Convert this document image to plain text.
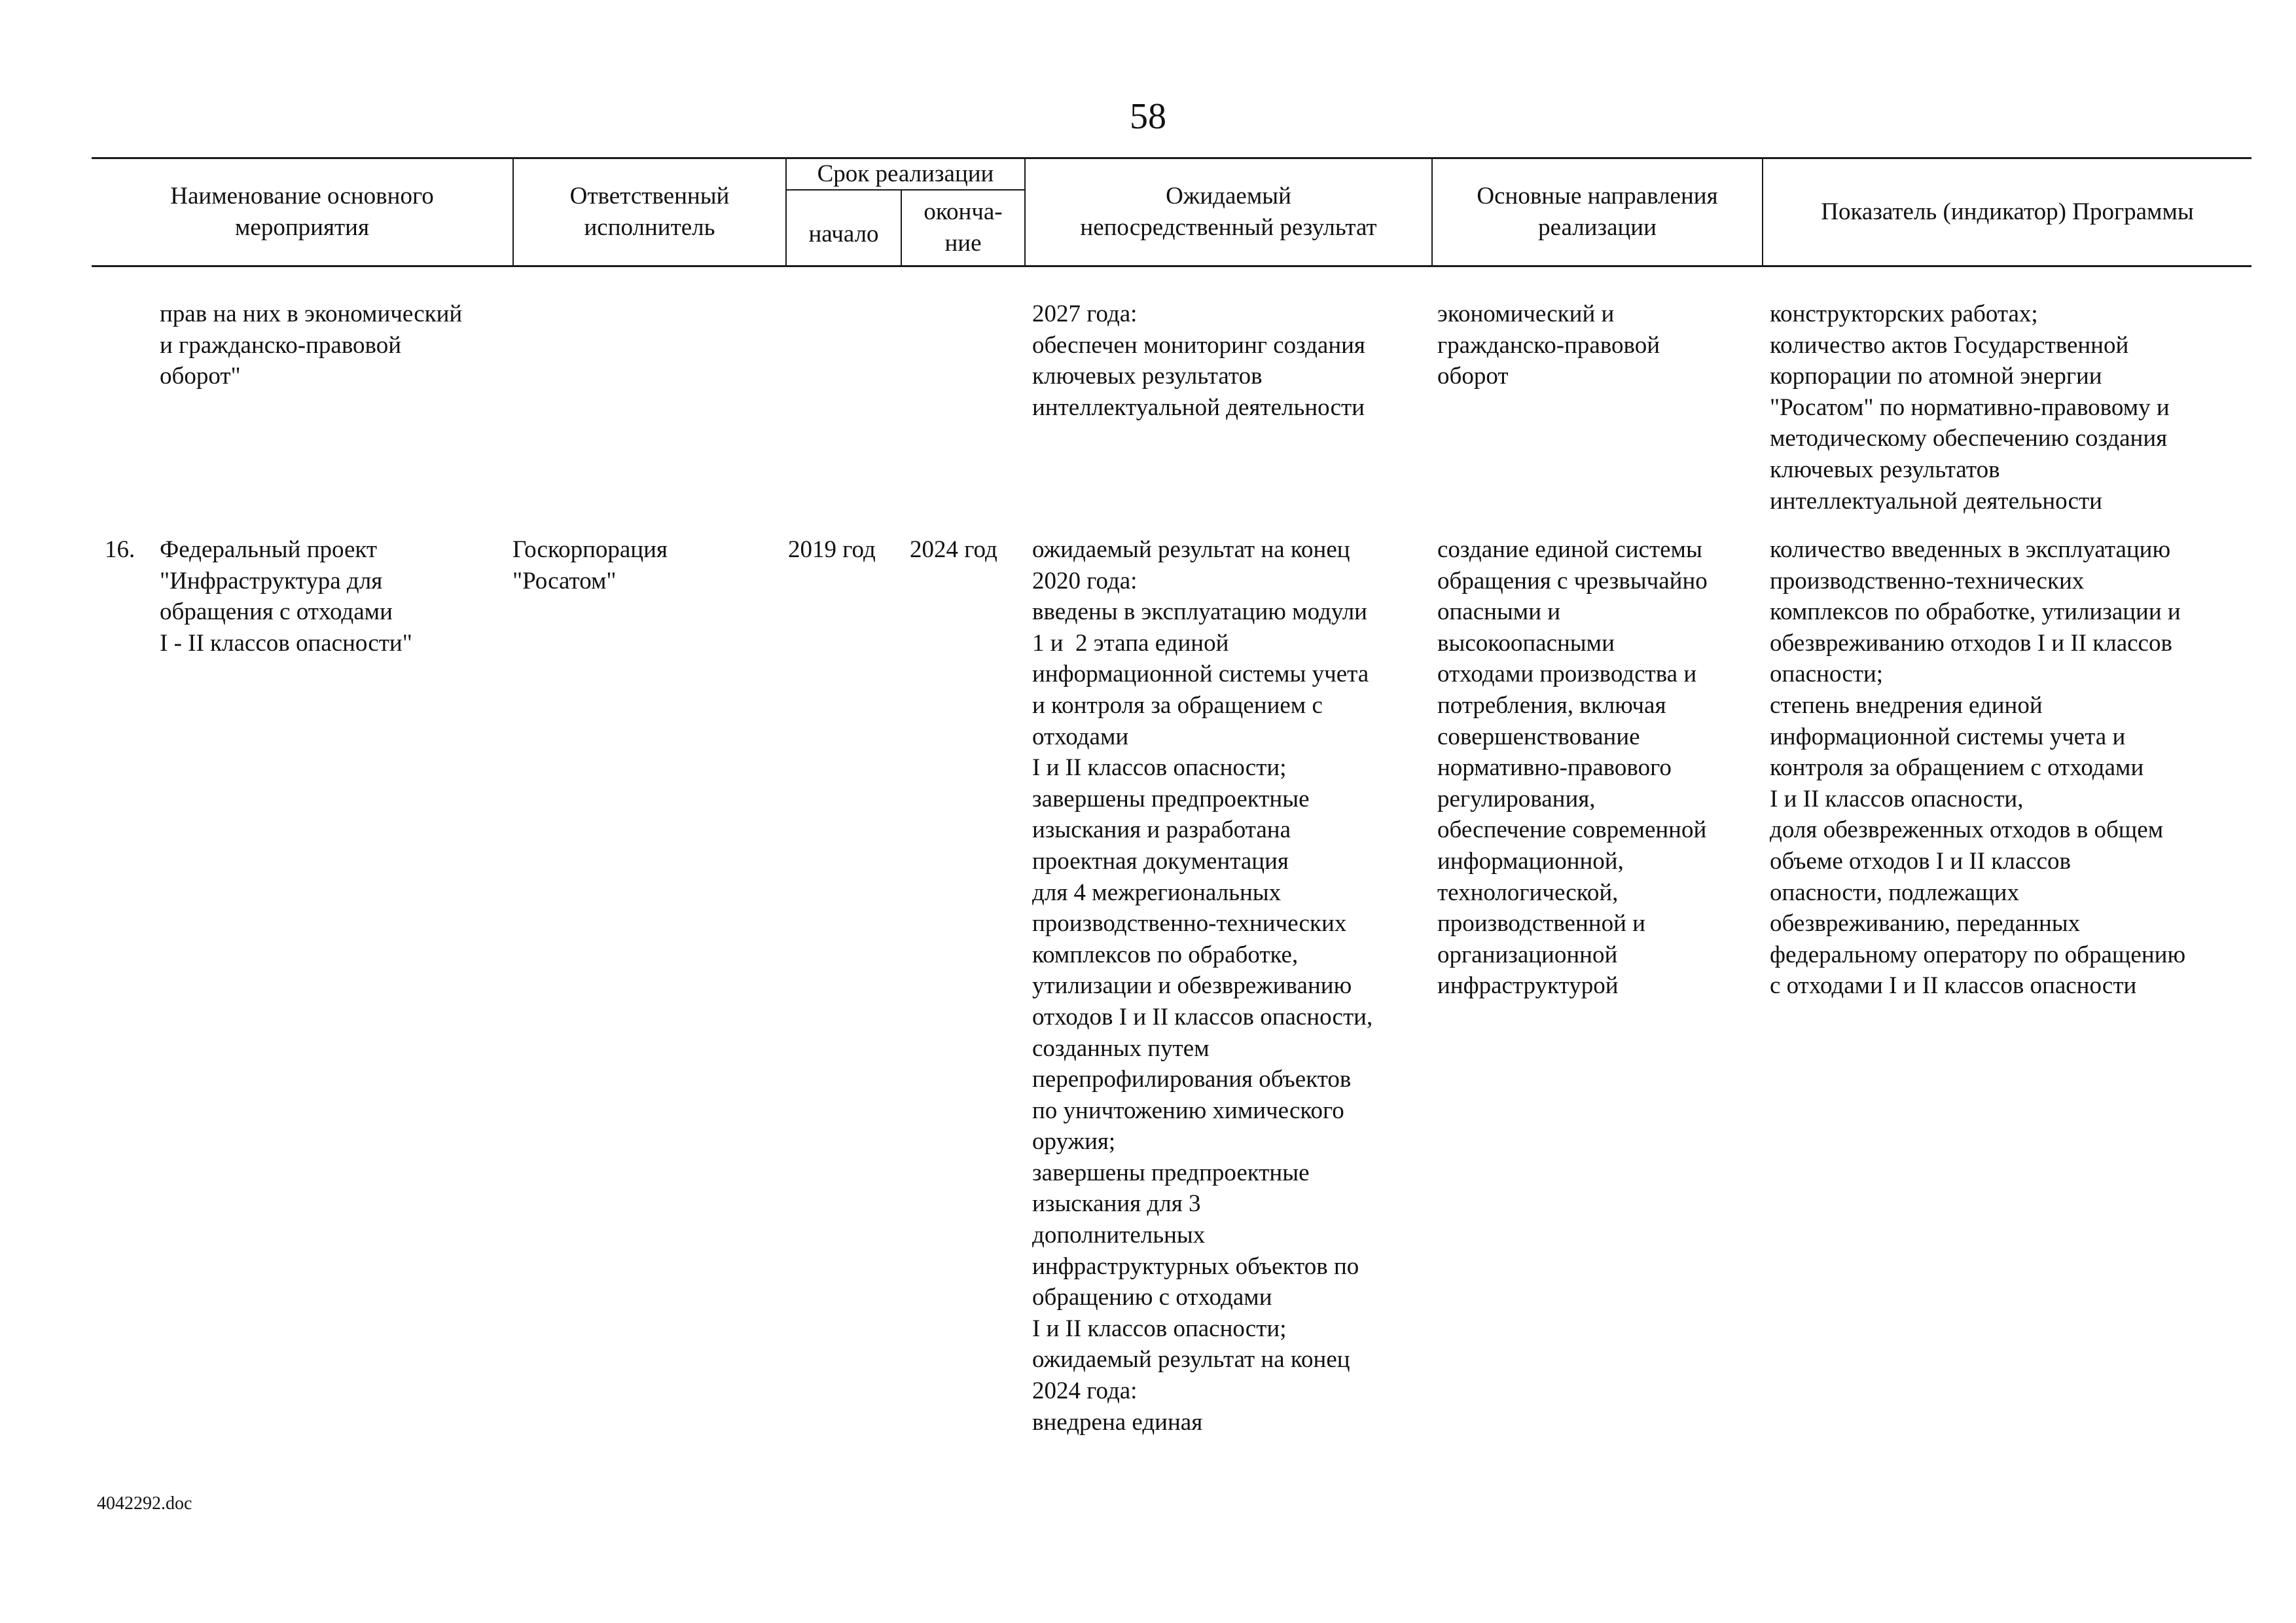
58
Наименование основного
мероприятия
Ответственный
исполнитель
Срок реализации
начало
оконча-
ние
Ожидаемый
непосредственный результат
Основные направления
реализации
Показатель (индикатор) Программы
прав на них в экономический
и гражданско-правовой
оборот"
2027 года:
обеспечен мониторинг создания
ключевых результатов
интеллектуальной деятельности
экономический и
гражданско-правовой
оборот
конструкторских работах;
количество актов Государственной
корпорации по атомной энергии
"Росатом" по нормативно-правовому и
методическому обеспечению создания
ключевых результатов
интеллектуальной деятельности
16. Федеральный проект
"Инфраструктура для
обращения с отходами
I - II классов опасности"
Госкорпорация
"Росатом"
2019 год 2024 год ожидаемый результат на конец
2020 года:
введены в эксплуатацию модули
1 и  2 этапа единой
информационной системы учета
и контроля за обращением с
отходами
I и II классов опасности;
завершены предпроектные
изыскания и разработана
проектная документация
для 4 межрегиональных
производственно-технических
комплексов по обработке,
утилизации и обезвреживанию
отходов I и II классов опасности,
созданных путем
перепрофилирования объектов
по уничтожению химического
оружия;
завершены предпроектные
изыскания для 3
дополнительных
инфраструктурных объектов по
обращению с отходами
I и II классов опасности;
ожидаемый результат на конец
2024 года:
внедрена единая
создание единой системы
обращения с чрезвычайно
опасными и
высокоопасными
отходами производства и
потребления, включая
совершенствование
нормативно-правового
регулирования,
обеспечение современной
информационной,
технологической,
производственной и
организационной
инфраструктурой
количество введенных в эксплуатацию
производственно-технических
комплексов по обработке, утилизации и
обезвреживанию отходов I и II классов
опасности;
степень внедрения единой
информационной системы учета и
контроля за обращением с отходами
I и II классов опасности,
доля обезвреженных отходов в общем
объеме отходов I и II классов
опасности, подлежащих
обезвреживанию, переданных
федеральному оператору по обращению
с отходами I и II классов опасности
4042292.doc
